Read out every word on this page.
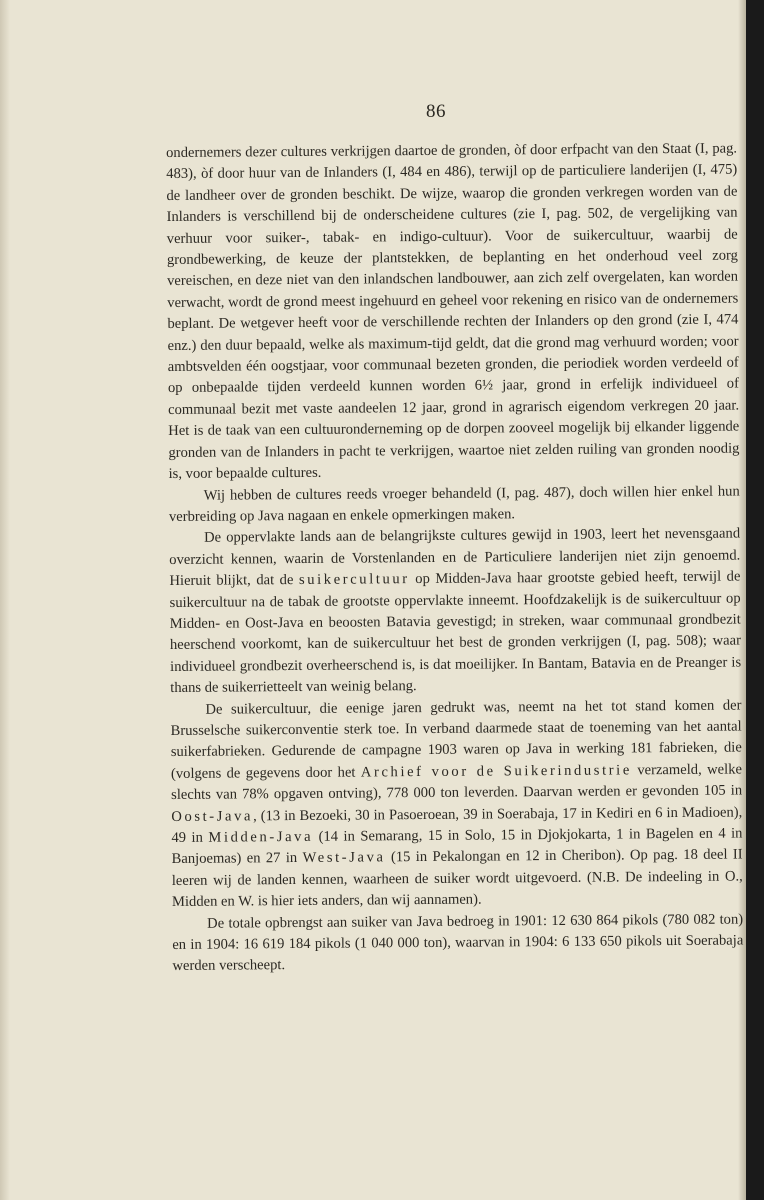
86

ondernemers dezer cultures verkrijgen daartoe de gronden, òf door erfpacht van den Staat (I, pag. 483), òf door huur van de Inlanders (I, 484 en 486), terwijl op de particuliere landerijen (I, 475) de landheer over de gronden beschikt. De wijze, waarop die gronden verkregen worden van de Inlanders is verschillend bij de onderscheidene cultures (zie I, pag. 502, de vergelijking van verhuur voor suiker-, tabak- en indigo-cultuur). Voor de suikercultuur, waarbij de grondbewerking, de keuze der plantstekken, de beplanting en het onderhoud veel zorg vereischen, en deze niet van den inlandschen landbouwer, aan zich zelf overgelaten, kan worden verwacht, wordt de grond meest ingehuurd en geheel voor rekening en risico van de ondernemers beplant. De wetgever heeft voor de verschillende rechten der Inlanders op den grond (zie I, 474 enz.) den duur bepaald, welke als maximum-tijd geldt, dat die grond mag verhuurd worden; voor ambtsvelden één oogstjaar, voor communaal bezeten gronden, die periodiek worden verdeeld of op onbepaalde tijden verdeeld kunnen worden 6½ jaar, grond in erfelijk individueel of communaal bezit met vaste aandeelen 12 jaar, grond in agrarisch eigendom verkregen 20 jaar. Het is de taak van een cultuuronderneming op de dorpen zooveel mogelijk bij elkander liggende gronden van de Inlanders in pacht te verkrijgen, waartoe niet zelden ruiling van gronden noodig is, voor bepaalde cultures.

Wij hebben de cultures reeds vroeger behandeld (I, pag. 487), doch willen hier enkel hun verbreiding op Java nagaan en enkele opmerkingen maken.

De oppervlakte lands aan de belangrijkste cultures gewijd in 1903, leert het nevensgaand overzicht kennen, waarin de Vorstenlanden en de Particuliere landerijen niet zijn genoemd. Hieruit blijkt, dat de suikercultuur op Midden-Java haar grootste gebied heeft, terwijl de suikercultuur na de tabak de grootste oppervlakte inneemt. Hoofdzakelijk is de suikercultuur op Midden- en Oost-Java en beoosten Batavia gevestigd; in streken, waar communaal grondbezit heerschend voorkomt, kan de suikercultuur het best de gronden verkrijgen (I, pag. 508); waar individueel grondbezit overheerschend is, is dat moeilijker. In Bantam, Batavia en de Preanger is thans de suikerrietteelt van weinig belang.

De suikercultuur, die eenige jaren gedrukt was, neemt na het tot stand komen der Brusselsche suikerconventie sterk toe. In verband daarmede staat de toeneming van het aantal suikerfabrieken. Gedurende de campagne 1903 waren op Java in werking 181 fabrieken, die (volgens de gegevens door het Archief voor de Suikerindustrie verzameld, welke slechts van 78% opgaven ontving), 778 000 ton leverden. Daarvan werden er gevonden 105 in Oost-Java, (13 in Bezoeki, 30 in Pasoeroean, 39 in Soerabaja, 17 in Kediri en 6 in Madioen), 49 in Midden-Java (14 in Semarang, 15 in Solo, 15 in Djokjokarta, 1 in Bagelen en 4 in Banjoemas) en 27 in West-Java (15 in Pekalongan en 12 in Cheribon). Op pag. 18 deel II leeren wij de landen kennen, waarheen de suiker wordt uitgevoerd. (N.B. De indeeling in O., Midden en W. is hier iets anders, dan wij aannamen).

De totale opbrengst aan suiker van Java bedroeg in 1901: 12 630 864 pikols (780 082 ton) en in 1904: 16 619 184 pikols (1 040 000 ton), waarvan in 1904: 6 133 650 pikols uit Soerabaja werden verscheept.
